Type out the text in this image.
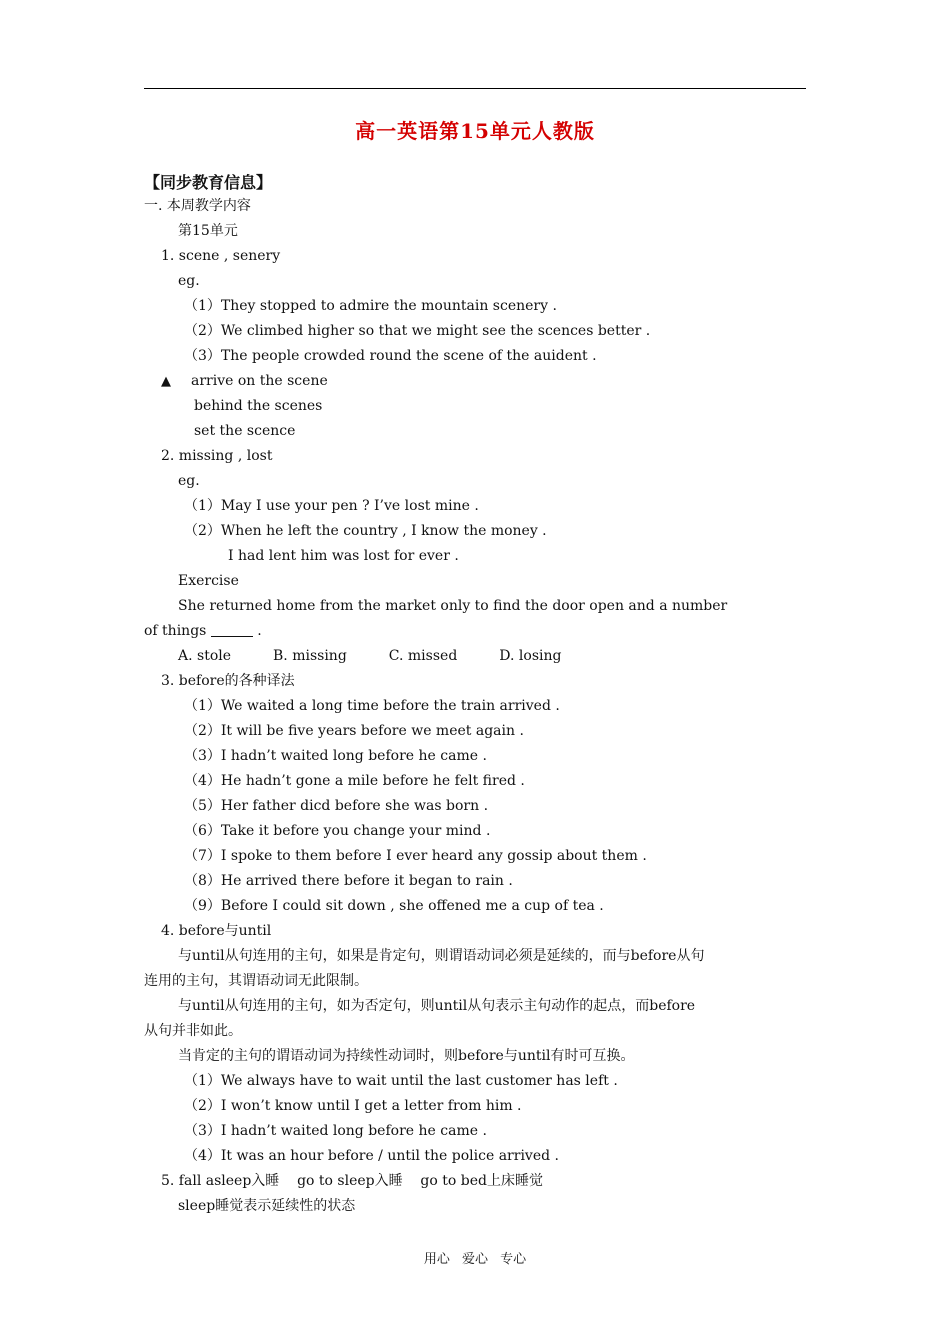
高一英语第15单元人教版
【同步教育信息】
一. 本周教学内容
第15单元
1. scene , senery
eg.
（1）They stopped to admire the mountain scenery .
（2）We climbed higher so that we might see the scences better .
（3）The people crowded round the scene of the auident .
▲ arrive on the scene
behind the scenes
set the scence
2. missing , lost
eg.
（1）May I use your pen ? I’ve lost mine .
（2）When he left the country , I know the money .
I had lent him was lost for ever .
Exercise
She returned home from the market only to find the door open and a number
of things	.
A. stole	B. missing	C. missed	D. losing
3. before的各种译法
（1）We waited a long time before the train arrived .
（2）It will be five years before we meet again .
（3）I hadn’t waited long before he came .
（4）He hadn’t gone a mile before he felt fired .
（5）Her father dicd before she was born .
（6）Take it before you change your mind .
（7）I spoke to them before I ever heard any gossip about them .
（8）He arrived there before it began to rain .
（9）Before I could sit down , she offened me a cup of tea .
4. before与until
与until从句连用的主句，如果是肯定句，则谓语动词必须是延续的，而与before从句
连用的主句，其谓语动词无此限制。
与until从句连用的主句，如为否定句，则until从句表示主句动作的起点，而before
从句并非如此。
当肯定的主句的谓语动词为持续性动词时，则before与until有时可互换。
（1）We always have to wait until the last customer has left .
（2）I won’t know until I get a letter from him .
（3）I hadn’t waited long before he came .
（4）It was an hour before / until the police arrived .
5. fall asleep入睡    go to sleep入睡    go to bed上床睡觉
sleep睡觉表示延续性的状态
用心 爱心 专心
